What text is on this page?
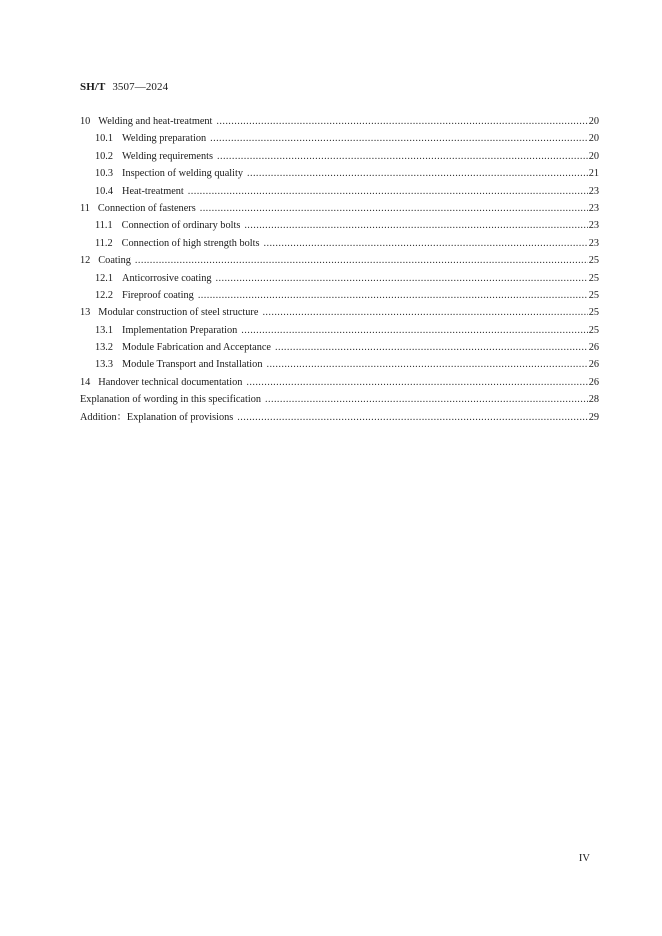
SH/T 3507—2024
10 Welding and heat-treatment .....	20
10.1 Welding preparation .....	20
10.2 Welding requirements .....	20
10.3 Inspection of welding quality .....	21
10.4 Heat-treatment .....	23
11 Connection of fasteners .....	23
11.1 Connection of ordinary bolts .....	23
11.2 Connection of high strength bolts .....	23
12 Coating .....	25
12.1 Anticorrosive coating .....	25
12.2 Fireproof coating .....	25
13 Modular construction of steel structure .....	25
13.1 Implementation Preparation .....	25
13.2 Module Fabrication and Acceptance .....	26
13.3 Module Transport and Installation .....	26
14 Handover technical documentation .....	26
Explanation of wording in this specification .....	28
Addition：Explanation of provisions .....	29
IV
